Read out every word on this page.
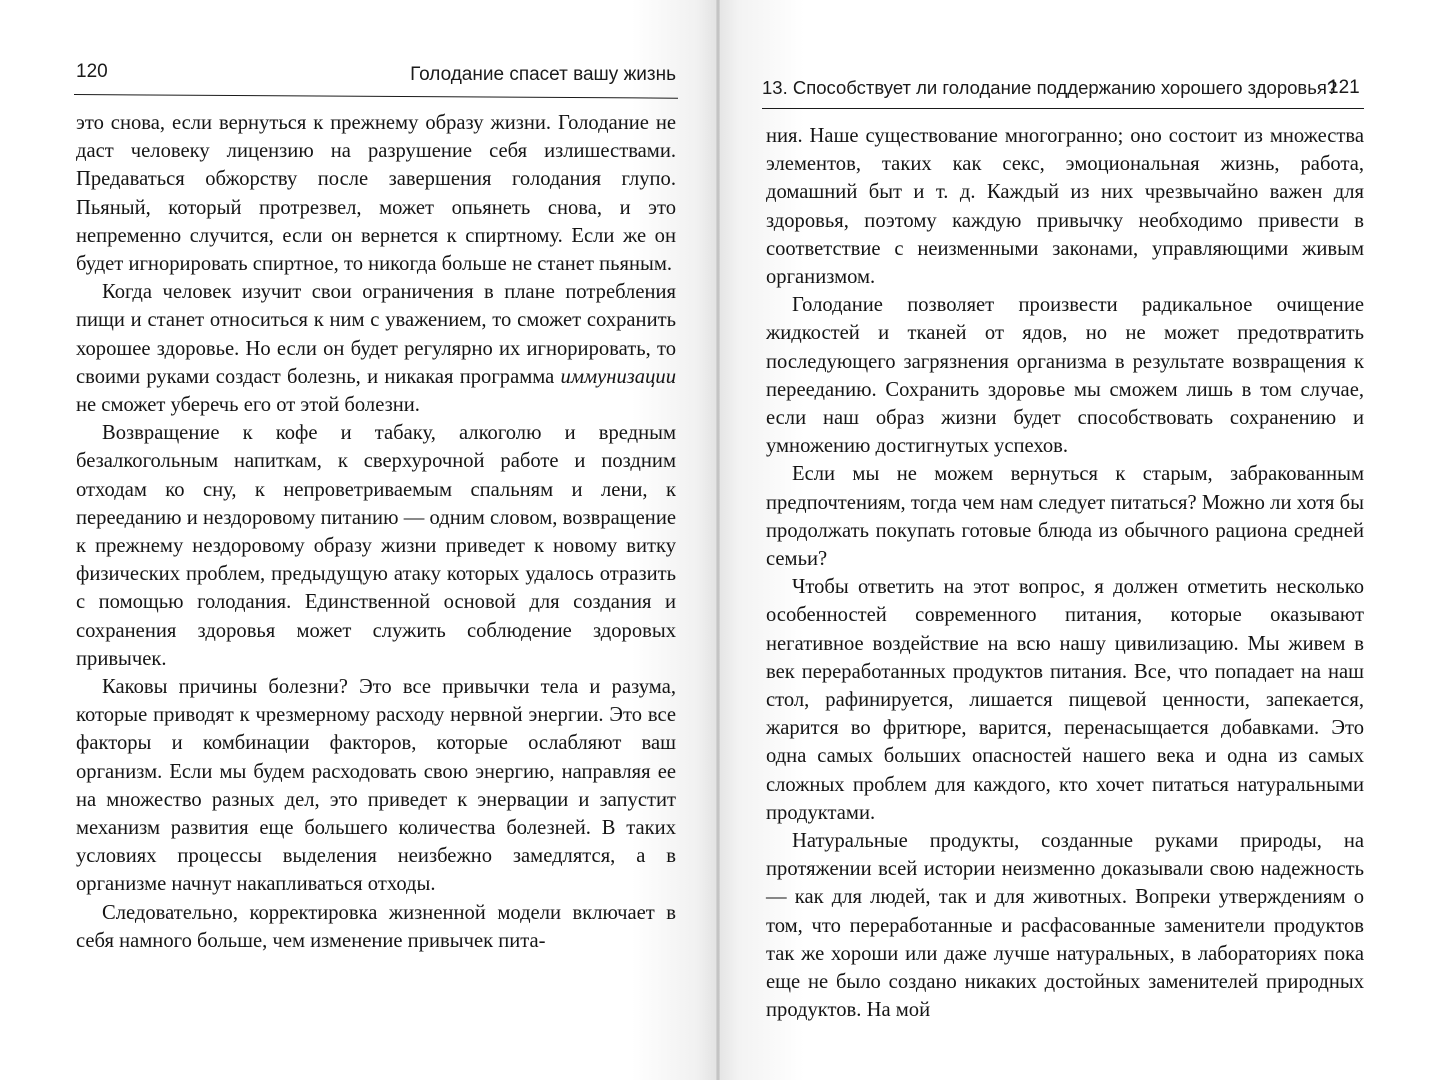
120	Голодание спасет вашу жизнь

это снова, если вернуться к прежнему образу жизни. Голодание не даст человеку лицензию на разрушение себя излишествами. Предаваться обжорству после завершения голодания глупо. Пьяный, который протрезвел, может опьянеть снова, и это непременно случится, если он вернется к спиртному. Если же он будет игнорировать спиртное, то никогда больше не станет пьяным.

Когда человек изучит свои ограничения в плане потребления пищи и станет относиться к ним с уважением, то сможет сохранить хорошее здоровье. Но если он будет регулярно их игнорировать, то своими руками создаст болезнь, и никакая программа иммунизации не сможет уберечь его от этой болезни.

Возвращение к кофе и табаку, алкоголю и вредным безалкогольным напиткам, к сверхурочной работе и поздним отходам ко сну, к непроветриваемым спальням и лени, к перееданию и нездоровому питанию — одним словом, возвращение к прежнему нездоровому образу жизни приведет к новому витку физических проблем, предыдущую атаку которых удалось отразить с помощью голодания. Единственной основой для создания и сохранения здоровья может служить соблюдение здоровых привычек.

Каковы причины болезни? Это все привычки тела и разума, которые приводят к чрезмерному расходу нервной энергии. Это все факторы и комбинации факторов, которые ослабляют ваш организм. Если мы будем расходовать свою энергию, направляя ее на множество разных дел, это приведет к энервации и запустит механизм развития еще большего количества болезней. В таких условиях процессы выделения неизбежно замедлятся, а в организме начнут накапливаться отходы.

Следовательно, корректировка жизненной модели включает в себя намного больше, чем изменение привычек пита-

13. Способствует ли голодание поддержанию хорошего здоровья?
121

ния. Наше существование многогранно; оно состоит из множества элементов, таких как секс, эмоциональная жизнь, работа, домашний быт и т. д. Каждый из них чрезвычайно важен для здоровья, поэтому каждую привычку необходимо привести в соответствие с неизменными законами, управляющими живым организмом.

Голодание позволяет произвести радикальное очищение жидкостей и тканей от ядов, но не может предотвратить последующего загрязнения организма в результате возвращения к перееданию. Сохранить здоровье мы сможем лишь в том случае, если наш образ жизни будет способствовать сохранению и умножению достигнутых успехов.

Если мы не можем вернуться к старым, забракованным предпочтениям, тогда чем нам следует питаться? Можно ли хотя бы продолжать покупать готовые блюда из обычного рациона средней семьи?

Чтобы ответить на этот вопрос, я должен отметить несколько особенностей современного питания, которые оказывают негативное воздействие на всю нашу цивилизацию. Мы живем в век переработанных продуктов питания. Все, что попадает на наш стол, рафинируется, лишается пищевой ценности, запекается, жарится во фритюре, варится, перенасыщается добавками. Это одна самых больших опасностей нашего века и одна из самых сложных проблем для каждого, кто хочет питаться натуральными продуктами.

Натуральные продукты, созданные руками природы, на протяжении всей истории неизменно доказывали свою надежность — как для людей, так и для животных. Вопреки утверждениям о том, что переработанные и расфасованные заменители продуктов так же хороши или даже лучше натуральных, в лабораториях пока еще не было создано никаких достойных заменителей природных продуктов. На мой
